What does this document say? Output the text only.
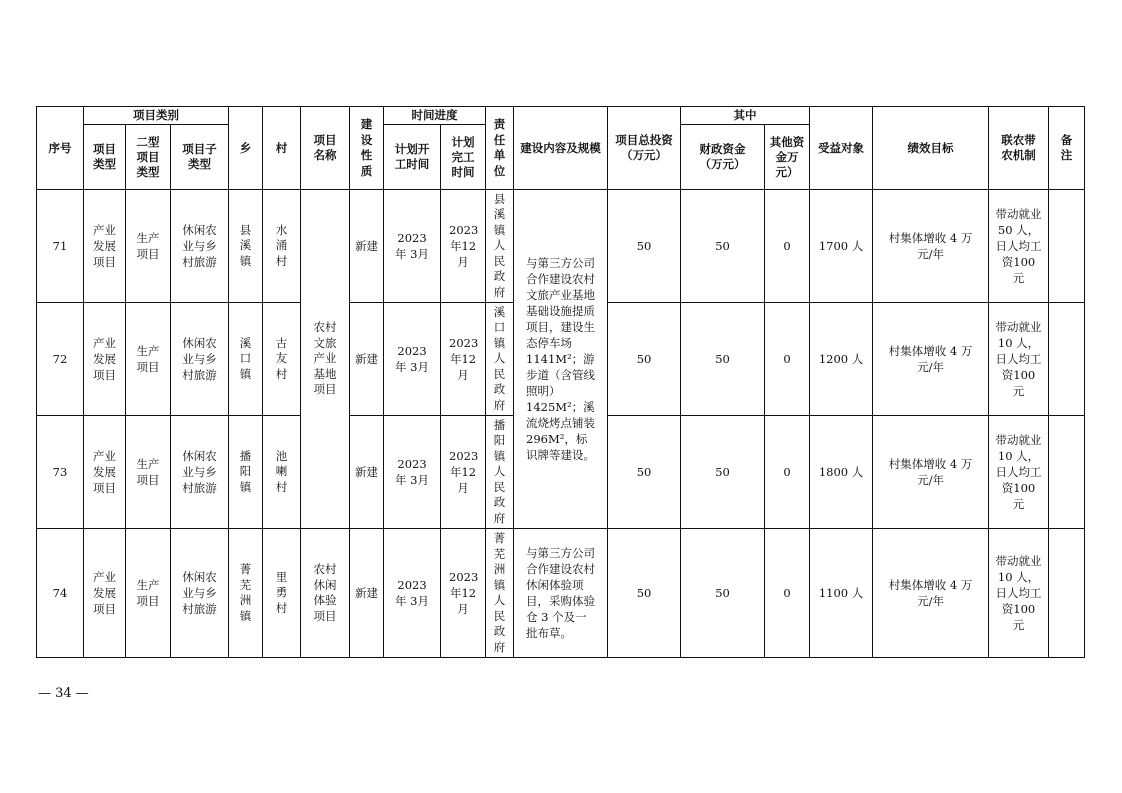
序号	项目类别			乡	村	项目名称	建设性质	时间进度		责任单位	建设内容及规模	项目总投资（万元）	其中		受益对象	绩效目标	联农带农机制	备注

	项目类型	二型项目类型	项目子类型					计划开工时间	计划完工时间				财政资金（万元）	其他资金万元）				

71	产业发展项目	生产项目	休闲农业与乡村旅游	县溪镇	水涌村	农村文旅产业基地项目	新建	2023 年 3月	2023 年12 月	县溪镇人民政府	与第三方公司合作建设农村文旅产业基地基础设施提质项目，建设生态停车场 1141M²；游步道（含管线照明）1425M²；溪流烧烤点铺装 296M²，标识牌等建设。	50	50	0	1700 人	村集体增收 4 万元/年	带动就业50 人，日人均工资100 元	

72	产业发展项目	生产项目	休闲农业与乡村旅游	溪口镇	古友村		新建	2023 年 3月	2023 年12 月	溪口镇人民政府		50	50	0	1200 人	村集体增收 4 万元/年	带动就业10 人，日人均工资100 元	

73	产业发展项目	生产项目	休闲农业与乡村旅游	播阳镇	池喇村		新建	2023 年 3月	2023 年12 月	播阳镇人民政府		50	50	0	1800 人	村集体增收 4 万元/年	带动就业10 人，日人均工资100 元	

74	产业发展项目	生产项目	休闲农业与乡村旅游	菁芜洲镇	里勇村	农村休闲体验项目	新建	2023 年 3月	2023 年12 月	菁芜洲镇人民政府	与第三方公司合作建设农村休闲体验项目，采购体验仓 3 个及一批布草。	50	50	0	1100 人	村集体增收 4 万元/年	带动就业10 人，日人均工资100 元	

— 34 —
